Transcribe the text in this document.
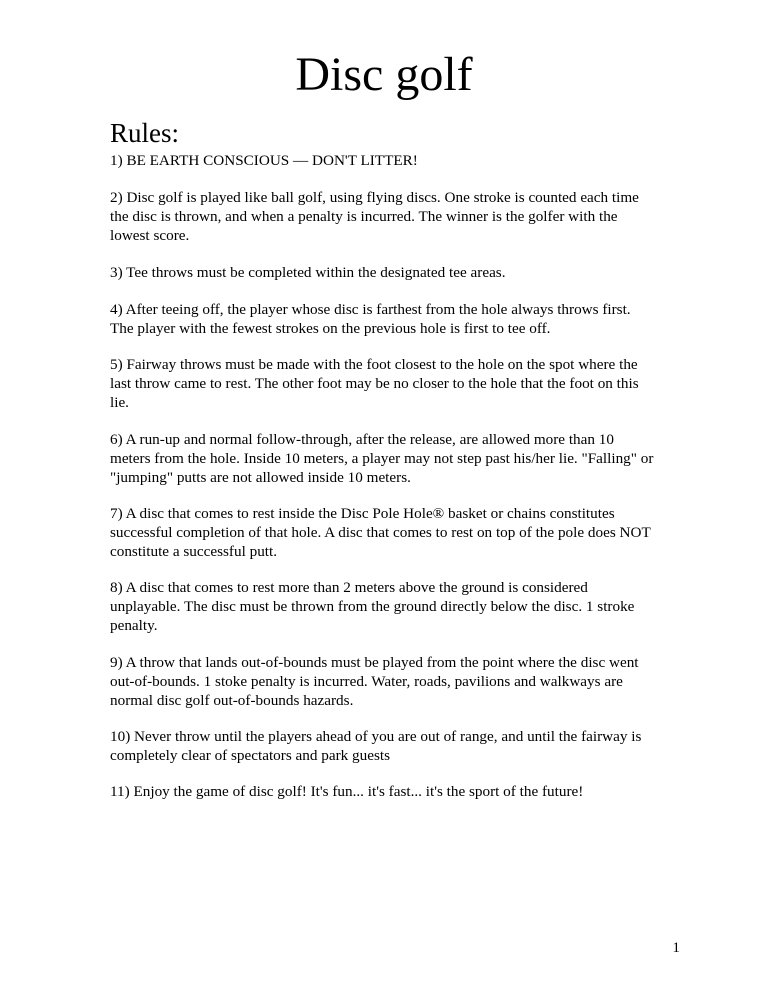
Disc golf
Rules:

1) BE EARTH CONSCIOUS — DON'T LITTER!

2) Disc golf is played like ball golf, using flying discs. One stroke is counted each time the disc is thrown, and when a penalty is incurred. The winner is the golfer with the lowest score.

3) Tee throws must be completed within the designated tee areas.

4) After teeing off, the player whose disc is farthest from the hole always throws first. The player with the fewest strokes on the previous hole is first to tee off.

5) Fairway throws must be made with the foot closest to the hole on the spot where the last throw came to rest. The other foot may be no closer to the hole that the foot on this lie.

6) A run-up and normal follow-through, after the release, are allowed more than 10 meters from the hole. Inside 10 meters, a player may not step past his/her lie. "Falling" or "jumping" putts are not allowed inside 10 meters.

7) A disc that comes to rest inside the Disc Pole Hole® basket or chains constitutes successful completion of that hole. A disc that comes to rest on top of the pole does NOT constitute a successful putt.

8) A disc that comes to rest more than 2 meters above the ground is considered unplayable. The disc must be thrown from the ground directly below the disc. 1 stroke penalty.

9) A throw that lands out-of-bounds must be played from the point where the disc went out-of-bounds. 1 stoke penalty is incurred. Water, roads, pavilions and walkways are normal disc golf out-of-bounds hazards.

10) Never throw until the players ahead of you are out of range, and until the fairway is completely clear of spectators and park guests

11) Enjoy the game of disc golf! It's fun... it's fast... it's the sport of the future!

1
